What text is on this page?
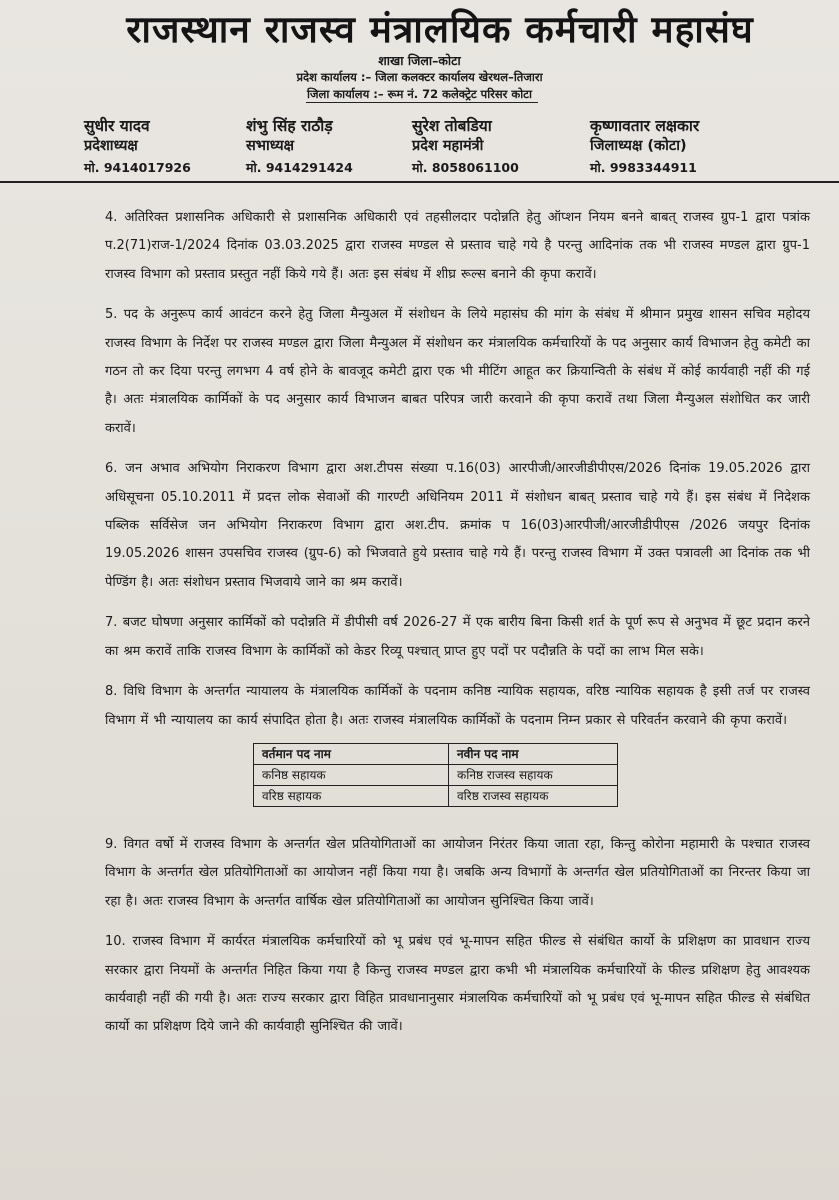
राजस्थान राजस्व मंत्रालयिक कर्मचारी महासंघ
शाखा जिला–कोटा
प्रदेश कार्यालय :– जिला कलक्टर कार्यालय खेरथल–तिजारा
जिला कार्यालय :– रूम नं. 72 कलेक्ट्रेट परिसर कोटा
सुधीर यादव
प्रदेशाध्यक्ष
मो. 9414017926
शंभु सिंह राठौड़
सभाध्यक्ष
मो. 9414291424
सुरेश तोबडिया
प्रदेश महामंत्री
मो. 8058061100
कृष्णावतार लक्षकार
जिलाध्यक्ष (कोटा)
मो. 9983344911

4. अतिरिक्त प्रशासनिक अधिकारी से प्रशासनिक अधिकारी एवं तहसीलदार पदोन्नति हेतु ऑप्शन नियम बनने बाबत् राजस्व ग्रुप-1 द्वारा पत्रांक प.2(71)राज-1/2024 दिनांक 03.03.2025 द्वारा राजस्व मण्डल से प्रस्ताव चाहे गये है परन्तु आदिनांक तक भी राजस्व मण्डल द्वारा ग्रुप-1 राजस्व विभाग को प्रस्ताव प्रस्तुत नहीं किये गये हैं। अतः इस संबंध में शीघ्र रूल्स बनाने की कृपा करावें।

5. पद के अनुरूप कार्य आवंटन करने हेतु जिला मैन्युअल में संशोधन के लिये महासंघ की मांग के संबंध में श्रीमान प्रमुख शासन सचिव महोदय राजस्व विभाग के निर्देश पर राजस्व मण्डल द्वारा जिला मैन्युअल में संशोधन कर मंत्रालयिक कर्मचारियों के पद अनुसार कार्य विभाजन हेतु कमेटी का गठन तो कर दिया परन्तु लगभग 4 वर्ष होने के बावजूद कमेटी द्वारा एक भी मीटिंग आहूत कर क्रियान्विती के संबंध में कोई कार्यवाही नहीं की गई है। अतः मंत्रालयिक कार्मिकों के पद अनुसार कार्य विभाजन बाबत परिपत्र जारी करवाने की कृपा करावें तथा जिला मैन्युअल संशोधित कर जारी करावें।

6. जन अभाव अभियोग निराकरण विभाग द्वारा अश.टीपस संख्या प.16(03) आरपीजी/आरजीडीपीएस/2026 दिनांक 19.05.2026 द्वारा अधिसूचना 05.10.2011 में प्रदत्त लोक सेवाओं की गारण्टी अधिनियम 2011 में संशोधन बाबत् प्रस्ताव चाहे गये हैं। इस संबंध में निदेशक पब्लिक सर्विसेज जन अभियोग निराकरण विभाग द्वारा अश.टीप. क्रमांक प 16(03)आरपीजी/आरजीडीपीएस /2026 जयपुर दिनांक 19.05.2026 शासन उपसचिव राजस्व (ग्रुप-6) को भिजवाते हुये प्रस्ताव चाहे गये हैं। परन्तु राजस्व विभाग में उक्त पत्रावली आ दिनांक तक भी पेण्डिंग है। अतः संशोधन प्रस्ताव भिजवाये जाने का श्रम करावें।

7. बजट घोषणा अनुसार कार्मिकों को पदोन्नति में डीपीसी वर्ष 2026-27 में एक बारीय बिना किसी शर्त के पूर्ण रूप से अनुभव में छूट प्रदान करने का श्रम करावें ताकि राजस्व विभाग के कार्मिकों को केडर रिव्यू पश्चात् प्राप्त हुए पदों पर पदौन्नति के पदों का लाभ मिल सके।

8. विधि विभाग के अन्तर्गत न्यायालय के मंत्रालयिक कार्मिकों के पदनाम कनिष्ठ न्यायिक सहायक, वरिष्ठ न्यायिक सहायक है इसी तर्ज पर राजस्व विभाग में भी न्यायालय का कार्य संपादित होता है। अतः राजस्व मंत्रालयिक कार्मिकों के पदनाम निम्न प्रकार से परिवर्तन करवाने की कृपा करावें।

वर्तमान पद नाम	नवीन पद नाम
कनिष्ठ सहायक	कनिष्ठ राजस्व सहायक
वरिष्ठ सहायक	वरिष्ठ राजस्व सहायक

9. विगत वर्षो में राजस्व विभाग के अन्तर्गत खेल प्रतियोगिताओं का आयोजन निरंतर किया जाता रहा, किन्तु कोरोना महामारी के पश्चात राजस्व विभाग के अन्तर्गत खेल प्रतियोगिताओं का आयोजन नहीं किया गया है। जबकि अन्य विभागों के अन्तर्गत खेल प्रतियोगिताओं का निरन्तर किया जा रहा है। अतः राजस्व विभाग के अन्तर्गत वार्षिक खेल प्रतियोगिताओं का आयोजन सुनिश्चित किया जावें।

10. राजस्व विभाग में कार्यरत मंत्रालयिक कर्मचारियों को भू प्रबंध एवं भू-मापन सहित फील्ड से संबंधित कार्यो के प्रशिक्षण का प्रावधान राज्य सरकार द्वारा नियमों के अन्तर्गत निहित किया गया है किन्तु राजस्व मण्डल द्वारा कभी भी मंत्रालयिक कर्मचारियों के फील्ड प्रशिक्षण हेतु आवश्यक कार्यवाही नहीं की गयी है। अतः राज्य सरकार द्वारा विहित प्रावधानानुसार मंत्रालयिक कर्मचारियों को भू प्रबंध एवं भू-मापन सहित फील्ड से संबंधित कार्यो का प्रशिक्षण दिये जाने की कार्यवाही सुनिश्चित की जावें।
